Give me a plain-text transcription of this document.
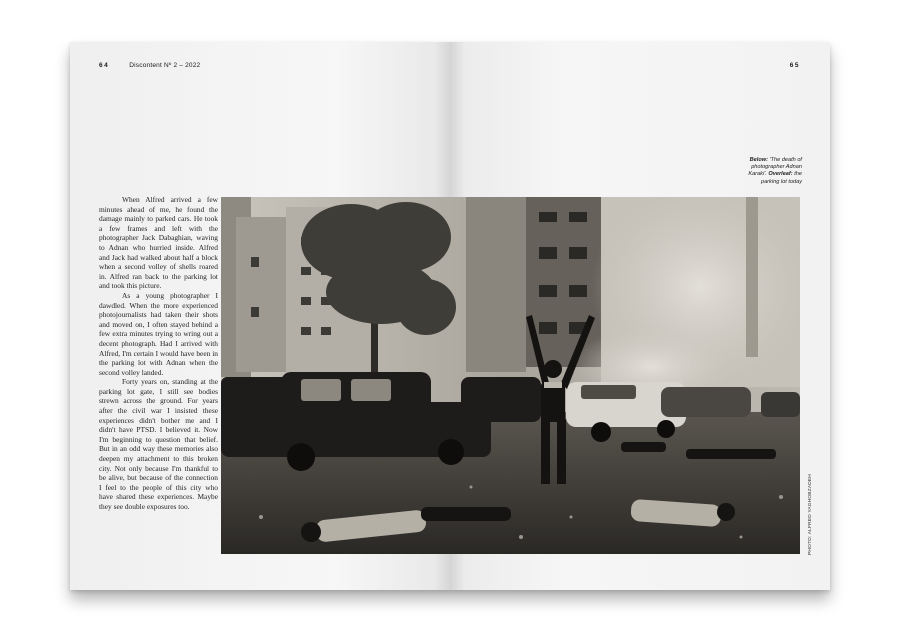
64	Discontent Nº 2 – 2022

When Alfred arrived a few minutes ahead of me, he found the damage mainly to parked cars. He took a few frames and left with the photographer Jack Dabaghian, waving to Adnan who hurried inside. Alfred and Jack had walked about half a block when a second volley of shells roared in. Alfred ran back to the parking lot and took this picture.

As a young photographer I dawdled. When the more experienced photojournalists had taken their shots and moved on, I often stayed behind a few extra minutes trying to wring out a decent photograph. Had I arrived with Alfred, I'm certain I would have been in the parking lot with Adnan when the second volley landed.

Forty years on, standing at the parking lot gate, I still see bodies strewn across the ground. For years after the civil war I insisted these experiences didn't bother me and I didn't have PTSD. I believed it. Now I'm beginning to question that belief. But in an odd way these memories also deepen my attachment to this broken city. Not only because I'm thankful to be alive, but because of the connection I feel to the people of this city who have shared these experiences. Maybe they see double exposures too.

65
Below: 'The death of photographer Adnan Karaki'. Overleaf: the parking lot today
PHOTO: ALFRED YAGHOBZADEH
